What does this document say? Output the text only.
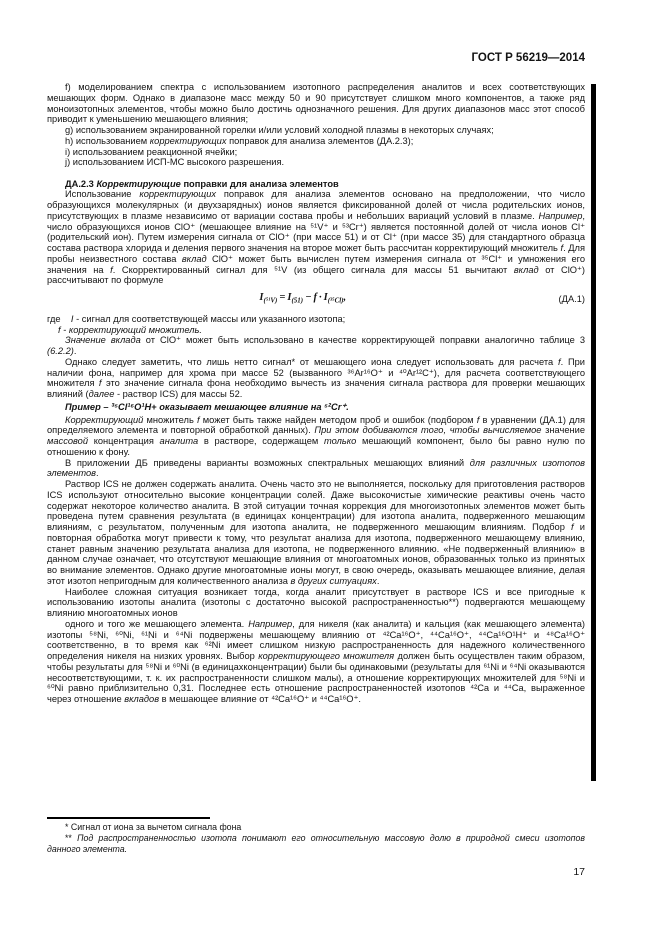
ГОСТ Р 56219—2014

f) моделированием спектра с использованием изотопного распределения аналитов и всех соответствующих мешающих форм. Однако в диапазоне масс между 50 и 90 присутствует слишком много компонентов, а также ряд моноизотопных элементов, чтобы можно было достичь однозначного решения. Для других диапазонов масс этот способ приводит к уменьшению мешающего влияния;

g) использованием экранированной горелки и/или условий холодной плазмы в некоторых случаях;

h) использованием корректирующих поправок для анализа элементов (ДА.2.3);

i) использованием реакционной ячейки;

j) использованием ИСП-МС высокого разрешения.

ДА.2.3 Корректирующие поправки для анализа элементов

Использование корректирующих поправок для анализа элементов основано на предположении, что число образующихся молекулярных (и двухзарядных) ионов является фиксированной долей от числа родительских ионов, присутствующих в плазме независимо от вариации состава пробы и небольших вариаций условий в плазме. Например, число образующихся ионов ClO⁺ (мешающее влияние на ⁵¹V⁺ и ⁵³Cr⁺) является постоянной долей от числа ионов Cl⁺ (родительский ион). Путем измерения сигнала от ClO⁺ (при массе 51) и от Cl⁺ (при массе 35) для стандартного образца состава раствора хлорида и деления первого значения на второе может быть рассчитан корректирующий множитель f. Для пробы неизвестного состава вклад ClO⁺ может быть вычислен путем измерения сигнала от ³⁵Cl⁺ и умножения его значения на f. Скорректированный сигнал для ⁵¹V (из общего сигнала для массы 51 вычитают вклад от ClO⁺) рассчитывают по формуле

$I_{(^{51}V)} = I_{(51)} - f \cdot I_{(^{35}Cl)}$,	(ДА.1)

где    I - сигнал для соответствующей массы или указанного изотопа;

f - корректирующий множитель.

Значение вклада от ClO⁺ может быть использовано в качестве корректирующей поправки аналогично таблице 3 (6.2.2).

Однако следует заметить, что лишь нетто сигнал* от мешающего иона следует использовать для расчета f. При наличии фона, например для хрома при массе 52 (вызванного ³⁶Ar¹⁶O⁺ и ⁴⁰Ar¹²C⁺), для расчета соответствующего множителя f это значение сигнала фона необходимо вычесть из значения сигнала раствора для проверки мешающих влияний (далее - раствор ICS) для массы 52.

Пример – ³⁵Cl¹⁶O¹H+ оказывает мешающее влияние на ⁵²Cr⁺.

Корректирующий множитель f может быть также найден методом проб и ошибок (подбором f в уравнении (ДА.1) для определяемого элемента и повторной обработкой данных). При этом добиваются того, чтобы вычисляемое значение массовой концентрация аналита в растворе, содержащем только мешающий компонент, было бы равно нулю по отношению к фону.

В приложении ДБ приведены варианты возможных спектральных мешающих влияний для различных изотопов элементов.

Раствор ICS не должен содержать аналита. Очень часто это не выполняется, поскольку для приготовления растворов ICS используют относительно высокие концентрации солей. Даже высокочистые химические реактивы очень часто содержат некоторое количество аналита. В этой ситуации точная коррекция для многоизотопных элементов может быть проведена путем сравнения результата (в единицах концентрации) для изотопа аналита, подверженного мешающим влияниям, с результатом, полученным для изотопа аналита, не подверженного мешающим влияниям. Подбор f и повторная обработка могут привести к тому, что результат анализа для изотопа, подверженного мешающему влиянию, станет равным значению результата анализа для изотопа, не подверженного влиянию. «Не подверженный влиянию» в данном случае означает, что отсутствуют мешающие влияния от многоатомных ионов, образованных только из принятых во внимание элементов. Однако другие многоатомные ионы могут, в свою очередь, оказывать мешающее влияние, делая этот изотоп непригодным для количественного анализа в других ситуациях.

Наиболее сложная ситуация возникает тогда, когда аналит присутствует в растворе ICS и все пригодные к использованию изотопы аналита (изотопы с достаточно высокой распространенностью**) подвергаются мешающему влиянию многоатомных ионов

одного и того же мешающего элемента. Например, для никеля (как аналита) и кальция (как мешающего элемента) изотопы ⁵⁸Ni, ⁶⁰Ni, ⁶¹Ni и ⁶⁴Ni подвержены мешающему влиянию от ⁴²Ca¹⁶O⁺, ⁴⁴Ca¹⁶O⁺, ⁴⁴Ca¹⁶O¹H⁺ и ⁴⁸Ca¹⁶O⁺ соответственно, в то время как ⁶²Ni имеет слишком низкую распространенность для надежного количественного определения никеля на низких уровнях. Выбор корректирующего множителя должен быть осуществлен таким образом, чтобы результаты для ⁵⁸Ni и ⁶⁰Ni (в единицахконцентрации) были бы одинаковыми (результаты для ⁶¹Ni и ⁶⁴Ni оказываются несоответствующими, т. к. их распространенности слишком малы), а отношение корректирующих множителей для ⁵⁸Ni и ⁶⁰Ni равно приблизительно 0,31. Последнее есть отношение распространенностей изотопов ⁴²Ca и ⁴⁴Ca, выраженное через отношение вкладов в мешающее влияние от ⁴²Ca¹⁶O⁺ и ⁴⁴Ca¹⁶O⁺.

* Сигнал от иона за вычетом сигнала фона

** Под распространенностью изотопа понимают его относительную массовую долю в природной смеси изотопов данного элемента.

17
